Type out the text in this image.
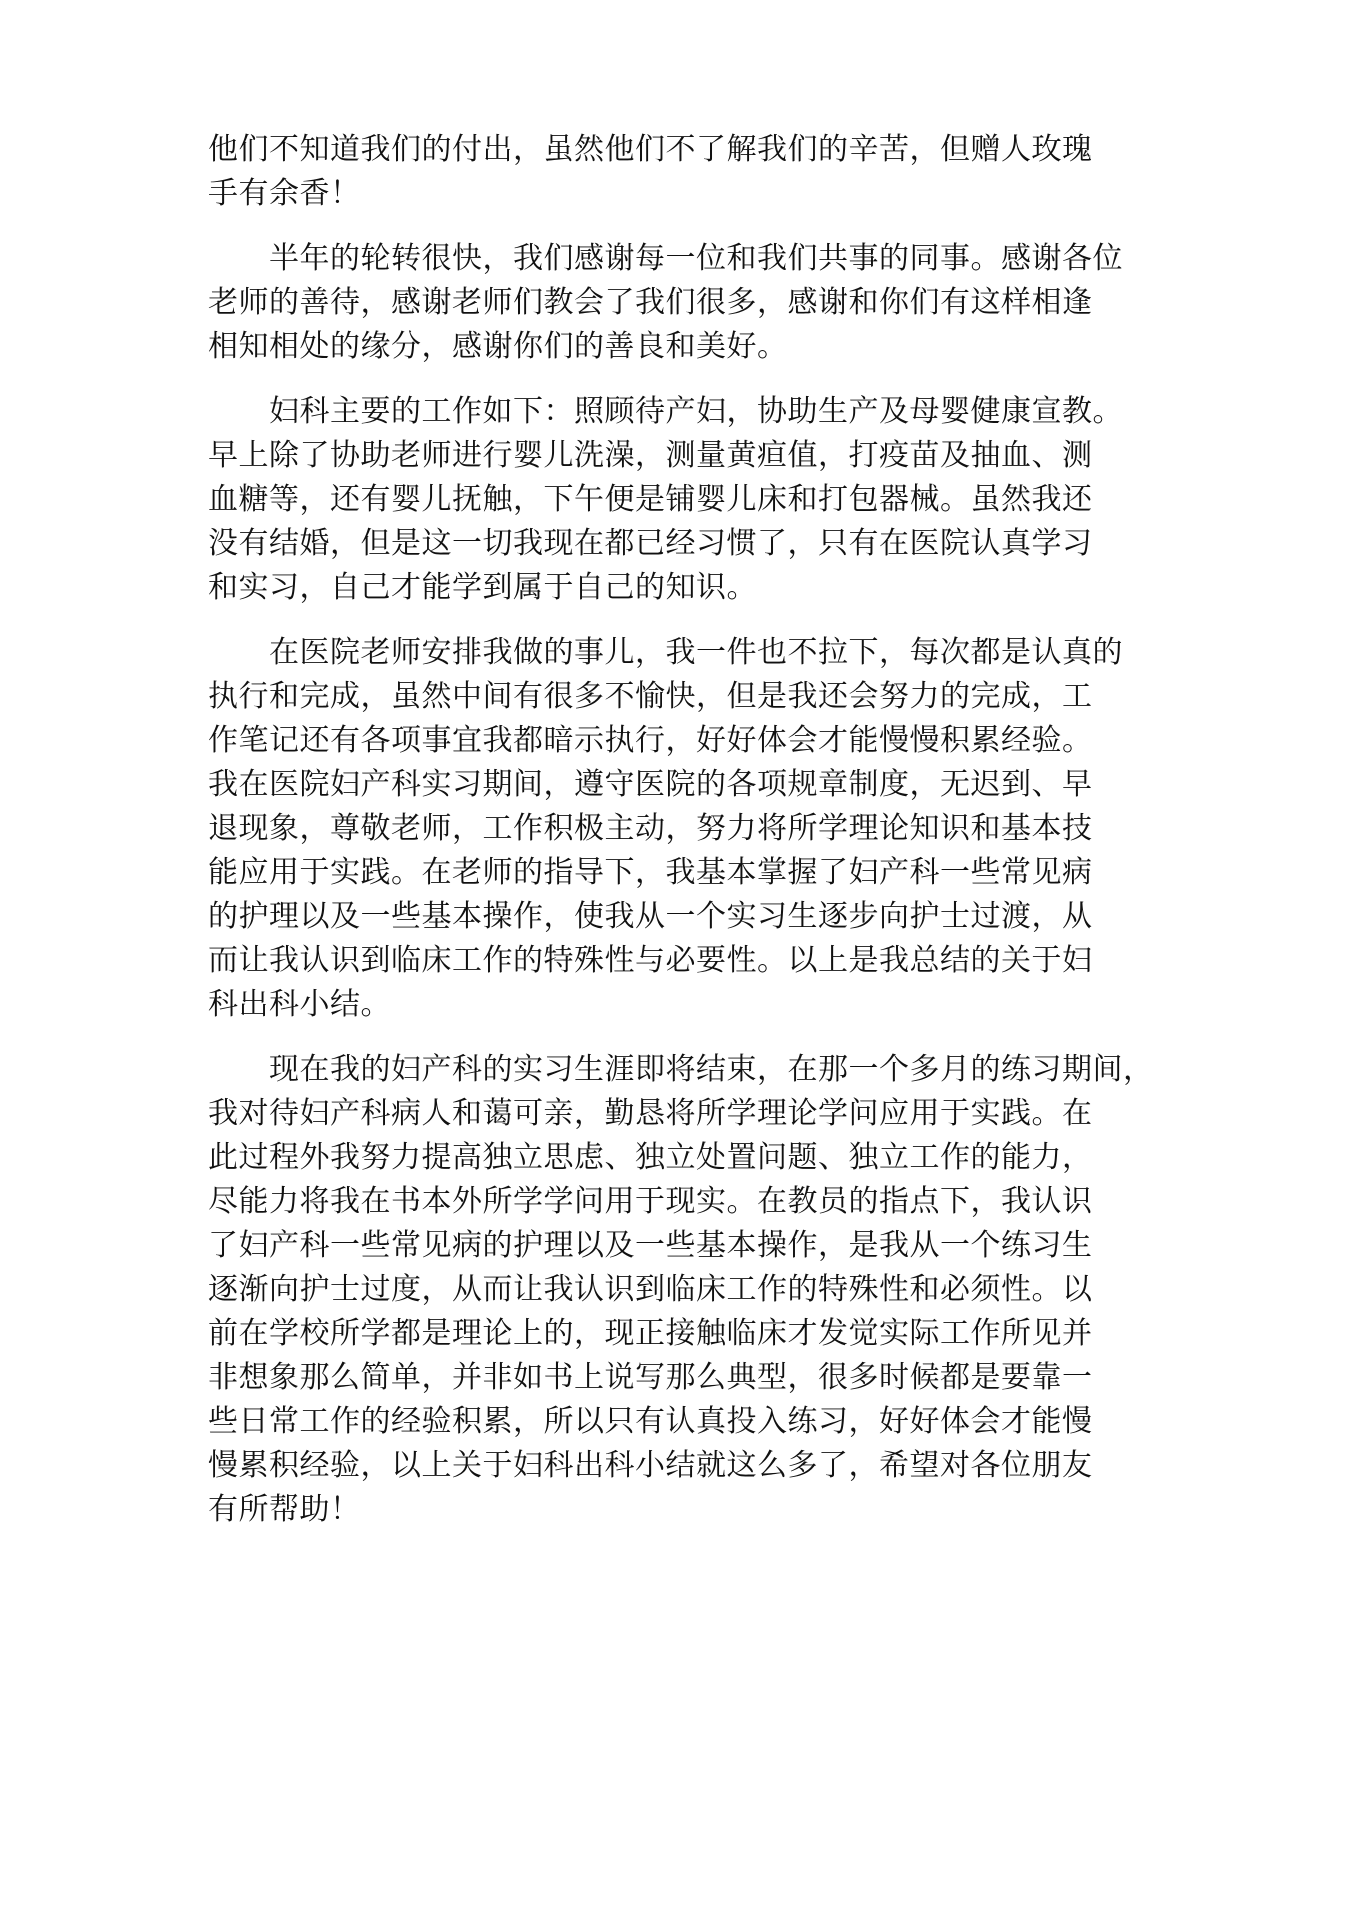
他们不知道我们的付出，虽然他们不了解我们的辛苦，但赠人玫瑰
手有余香！

　　半年的轮转很快，我们感谢每一位和我们共事的同事。感谢各位
老师的善待，感谢老师们教会了我们很多，感谢和你们有这样相逢
相知相处的缘分，感谢你们的善良和美好。

　　妇科主要的工作如下：照顾待产妇，协助生产及母婴健康宣教。
早上除了协助老师进行婴儿洗澡，测量黄疸值，打疫苗及抽血、测
血糖等，还有婴儿抚触，下午便是铺婴儿床和打包器械。虽然我还
没有结婚，但是这一切我现在都已经习惯了，只有在医院认真学习
和实习，自己才能学到属于自己的知识。

　　在医院老师安排我做的事儿，我一件也不拉下，每次都是认真的
执行和完成，虽然中间有很多不愉快，但是我还会努力的完成，工
作笔记还有各项事宜我都暗示执行，好好体会才能慢慢积累经验。
我在医院妇产科实习期间，遵守医院的各项规章制度，无迟到、早
退现象，尊敬老师，工作积极主动，努力将所学理论知识和基本技
能应用于实践。在老师的指导下，我基本掌握了妇产科一些常见病
的护理以及一些基本操作，使我从一个实习生逐步向护士过渡，从
而让我认识到临床工作的特殊性与必要性。以上是我总结的关于妇
科出科小结。

　　现在我的妇产科的实习生涯即将结束，在那一个多月的练习期间，
我对待妇产科病人和蔼可亲，勤恳将所学理论学问应用于实践。在
此过程外我努力提高独立思虑、独立处置问题、独立工作的能力，
尽能力将我在书本外所学学问用于现实。在教员的指点下，我认识
了妇产科一些常见病的护理以及一些基本操作，是我从一个练习生
逐渐向护士过度，从而让我认识到临床工作的特殊性和必须性。以
前在学校所学都是理论上的，现正接触临床才发觉实际工作所见并
非想象那么简单，并非如书上说写那么典型，很多时候都是要靠一
些日常工作的经验积累，所以只有认真投入练习，好好体会才能慢
慢累积经验，以上关于妇科出科小结就这么多了，希望对各位朋友
有所帮助！
